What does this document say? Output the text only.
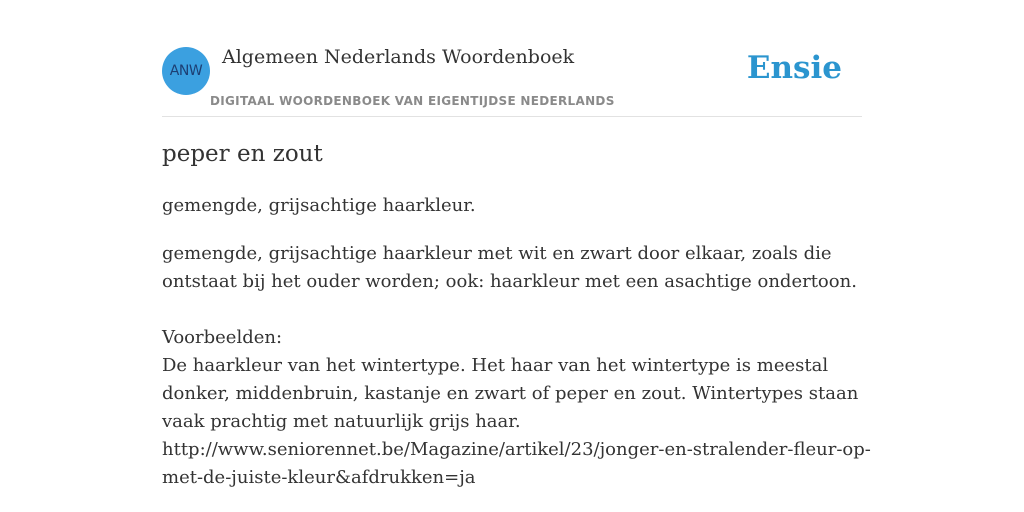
ANW
Algemeen Nederlands Woordenboek
DIGITAAL WOORDENBOEK VAN EIGENTIJDSE NEDERLANDS
Ensie
peper en zout

gemengde, grijsachtige haarkleur.

gemengde, grijsachtige haarkleur met wit en zwart door elkaar, zoals die ontstaat bij het ouder worden; ook: haarkleur met een asachtige ondertoon.

Voorbeelden:
De haarkleur van het wintertype. Het haar van het wintertype is meestal donker, middenbruin, kastanje en zwart of peper en zout. Wintertypes staan vaak prachtig met natuurlijk grijs haar.
http://www.seniorennet.be/Magazine/artikel/23/jonger-en-stralender-fleur-op-met-de-juiste-kleur&afdrukken=ja
